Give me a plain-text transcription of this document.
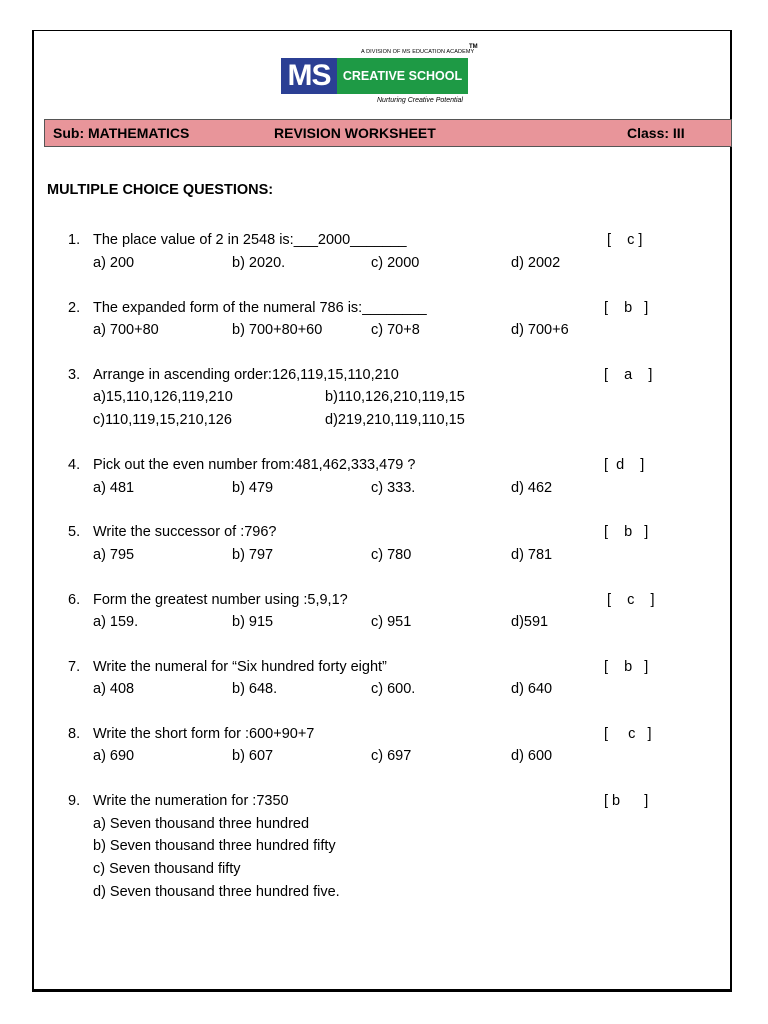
A DIVISION OF MS EDUCATION ACADEMY
TM
MS CREATIVE SCHOOL
Nurturing Creative Potential
Sub: MATHEMATICS	REVISION WORKSHEET	Class: III
MULTIPLE CHOICE QUESTIONS:
1. The place value of 2 in 2548 is:___2000_______	[    c ]
a) 200	b) 2020.	c) 2000	d) 2002
2. The expanded form of the numeral 786 is:________	[    b   ]
a) 700+80	b) 700+80+60	c) 70+8	d) 700+6
3. Arrange in ascending order:126,119,15,110,210	[    a    ]
a)15,110,126,119,210	b)110,126,210,119,15
c)110,119,15,210,126	d)219,210,119,110,15
4. Pick out the even number from:481,462,333,479 ?	[  d    ]
a) 481	b) 479	c) 333.	d) 462
5. Write the successor of :796?	[    b   ]
a) 795	b) 797	c) 780	d) 781
6. Form the greatest number using :5,9,1?	[    c    ]
a) 159.	b) 915	c) 951	d)591
7. Write the numeral for “Six hundred forty eight”	[    b   ]
a) 408	b) 648.	c) 600.	d) 640
8. Write the short form for :600+90+7	[     c   ]
a) 690	b) 607	c) 697	d) 600
9. Write the numeration for :7350	[ b      ]
a) Seven thousand three hundred
b) Seven thousand three hundred fifty
c) Seven thousand fifty
d) Seven thousand three hundred five.
